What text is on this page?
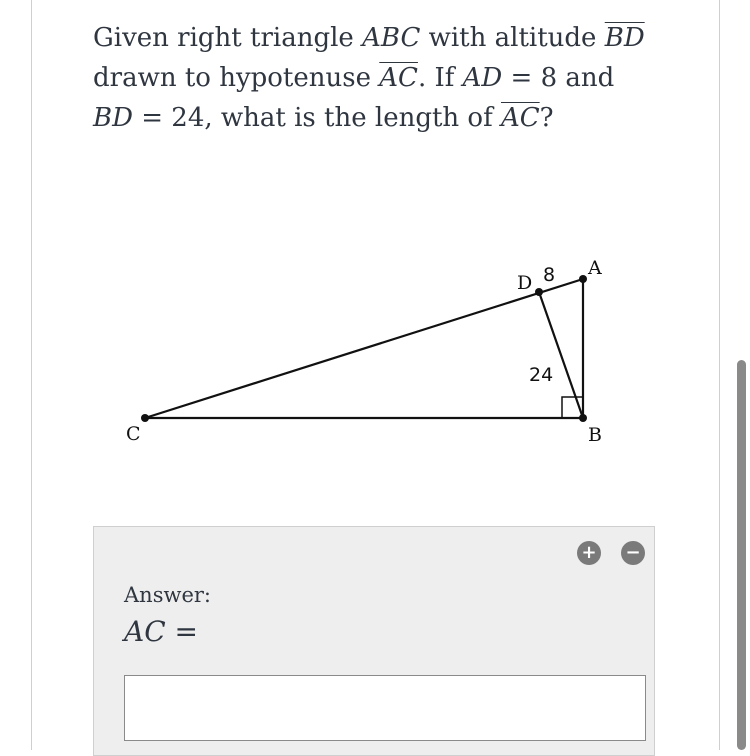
Given right triangle ABC with altitude $\overline{BD}$
drawn to hypotenuse $\overline{AC}$. If AD = 8 and
BD = 24, what is the length of $\overline{AC}$?
C	B
A
D 8
24
+ −
Answer:
AC =
